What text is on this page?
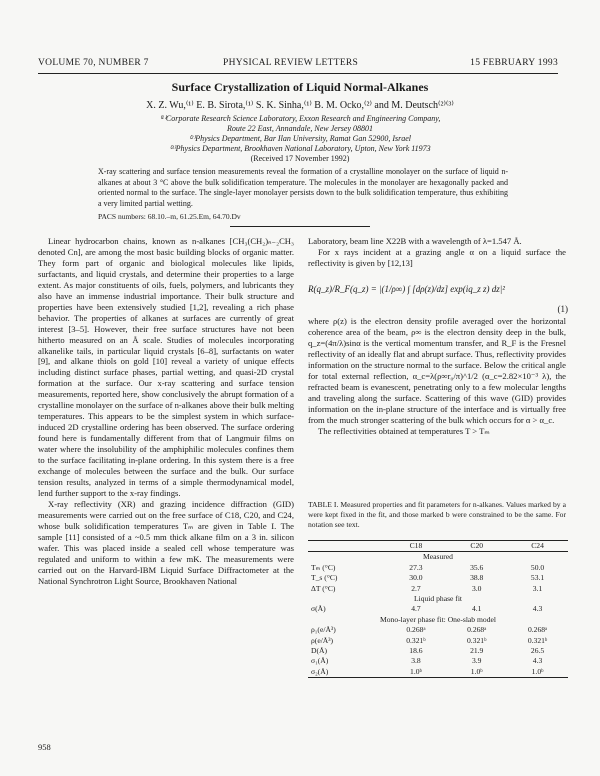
VOLUME 70, NUMBER 7	PHYSICAL REVIEW LETTERS	15 FEBRUARY 1993
Surface Crystallization of Liquid Normal-Alkanes
X. Z. Wu,⁽¹⁾ E. B. Sirota,⁽¹⁾ S. K. Sinha,⁽¹⁾ B. M. Ocko,⁽²⁾ and M. Deutsch⁽²⁾⁽³⁾
⁽¹⁾Corporate Research Science Laboratory, Exxon Research and Engineering Company,
Route 22 East, Annandale, New Jersey 08801
⁽²⁾Physics Department, Bar Ilan University, Ramat Gan 52900, Israel
⁽³⁾Physics Department, Brookhaven National Laboratory, Upton, New York 11973
(Received 17 November 1992)
X-ray scattering and surface tension measurements reveal the formation of a crystalline monolayer on the surface of liquid n-alkanes at about 3 °C above the bulk solidification temperature. The molecules in the monolayer are hexagonally packed and oriented normal to the surface. The single-layer monolayer persists down to the bulk solidification temperature, thus exhibiting a very limited partial wetting.
PACS numbers: 68.10.–m, 61.25.Em, 64.70.Dv

Linear hydrocarbon chains, known as n-alkanes [CH₃(CH₂)ₙ₋₂CH₃ denoted Cn], are among the most basic building blocks of organic matter. They form part of organic and biological molecules like lipids, surfactants, and liquid crystals, and determine their properties to a large extent. As major constituents of oils, fuels, polymers, and lubricants they also have an immense industrial importance. Their bulk structure and properties have been extensively studied [1,2], revealing a rich phase behavior. The properties of alkanes at surfaces are currently of great interest [3–5]. However, their free surface structures have not been hitherto measured on an Å scale. Studies of molecules incorporating alkanelike tails, in particular liquid crystals [6–8], surfactants on water [9], and alkane thiols on gold [10] reveal a variety of unique effects including distinct surface phases, partial wetting, and quasi-2D crystal formation at the surface. Our x-ray scattering and surface tension measurements, reported here, show conclusively the abrupt formation of a crystalline monolayer on the surface of n-alkanes above their bulk melting temperatures. This appears to be the simplest system in which surface-induced 2D crystalline ordering has been observed. The surface ordering found here is fundamentally different from that of Langmuir films on water where the insolubility of the amphiphilic molecules confines them to the surface facilitating in-plane ordering. In this system there is a free exchange of molecules between the surface and the bulk. Our surface tension results, analyzed in terms of a simple thermodynamical model, lend further support to the x-ray findings.

X-ray reflectivity (XR) and grazing incidence diffraction (GID) measurements were carried out on the free surface of C18, C20, and C24, whose bulk solidification temperatures Tₘ are given in Table I. The sample [11] consisted of a ~0.5 mm thick alkane film on a 3 in. silicon wafer. This was placed inside a sealed cell whose temperature was regulated and uniform to within a few mK. The measurements were carried out on the Harvard-IBM Liquid Surface Diffractometer at the National Synchrotron Light Source, Brookhaven National

Laboratory, beam line X22B with a wavelength of λ=1.547 Å.

For x rays incident at a grazing angle α on a liquid surface the reflectivity is given by [12,13]

R(q_z)/R_F(q_z) = |(1/ρ∞) ∫ [dρ(z)/dz] exp(iq_z z) dz|²
(1)

where ρ(z) is the electron density profile averaged over the horizontal coherence area of the beam, ρ∞ is the electron density deep in the bulk, q_z=(4π/λ)sinα is the vertical momentum transfer, and R_F is the Fresnel reflectivity of an ideally flat and abrupt surface. Thus, reflectivity provides information on the structure normal to the surface. Below the critical angle for total external reflection, α_c=λ(ρ∞r₀/π)^1/2 (α_c=2.82×10⁻³ λ), the refracted beam is evanescent, penetrating only to a few molecular lengths and traveling along the surface. Scattering of this wave (GID) provides information on the in-plane structure of the interface and is virtually free from the much stronger scattering of the bulk which occurs for α > α_c.

The reflectivities obtained at temperatures T > Tₘ

TABLE I. Measured properties and fit parameters for n-alkanes. Values marked by a were kept fixed in the fit, and those marked b were constrained to be the same. For notation see text.
	C18	C20	C24
Measured			
Tₘ (°C)	27.3	35.6	50.0
T_s (°C)	30.0	38.8	53.1
ΔT (°C)	2.7	3.0	3.1
Liquid phase fit			
σ(Å)	4.7	4.1	4.3
Mono-layer phase fit: One-slab model			
ρ₁(e/Å³)	0.268ᵃ	0.268ᵃ	0.268ᵃ
ρ(e/Å³)	0.321ᵇ	0.321ᵇ	0.321ᵇ
D(Å)	18.6	21.9	26.5
σ₁(Å)	3.8	3.9	4.3
σ₂(Å)	1.0ᵇ	1.0ᵇ	1.0ᵇ
958
